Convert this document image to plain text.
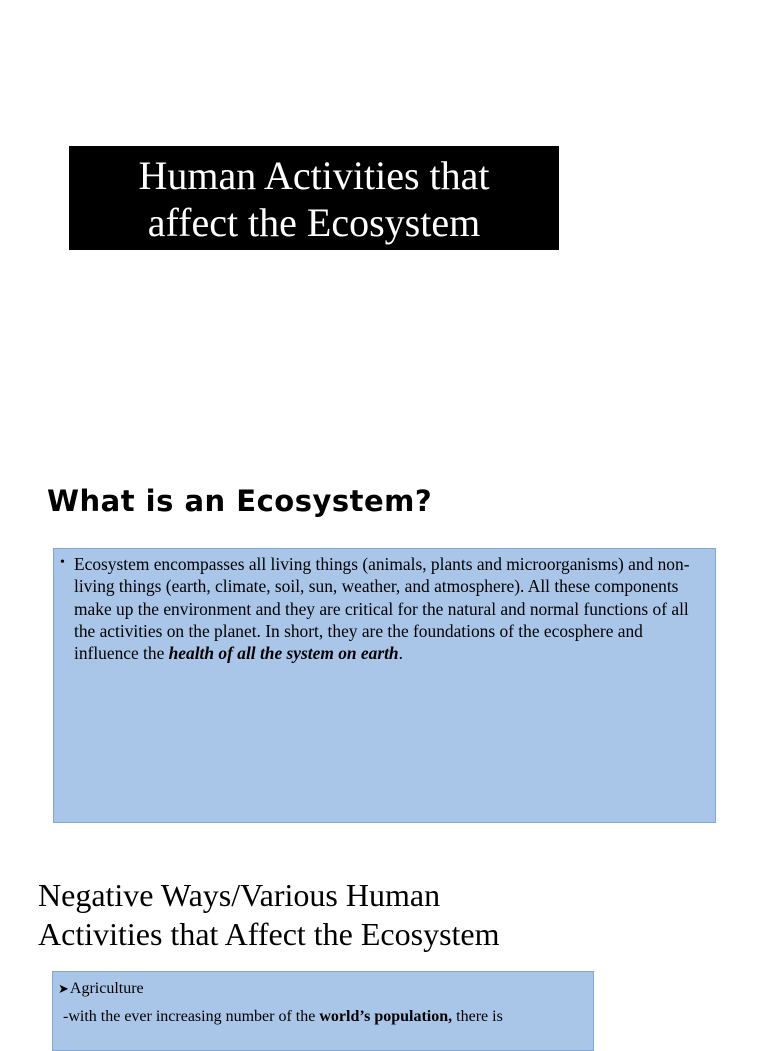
Human Activities that
affect the Ecosystem
What is an Ecosystem?
• Ecosystem encompasses all living things (animals, plants and microorganisms) and non-living things (earth, climate, soil, sun, weather, and atmosphere). All these components make up the environment and they are critical for the natural and normal functions of all the activities on the planet. In short, they are the foundations of the ecosphere and influence the health of all the system on earth.
Negative Ways/Various Human
Activities that Affect the Ecosystem
➤Agriculture
-with the ever increasing number of the world’s population, there is
